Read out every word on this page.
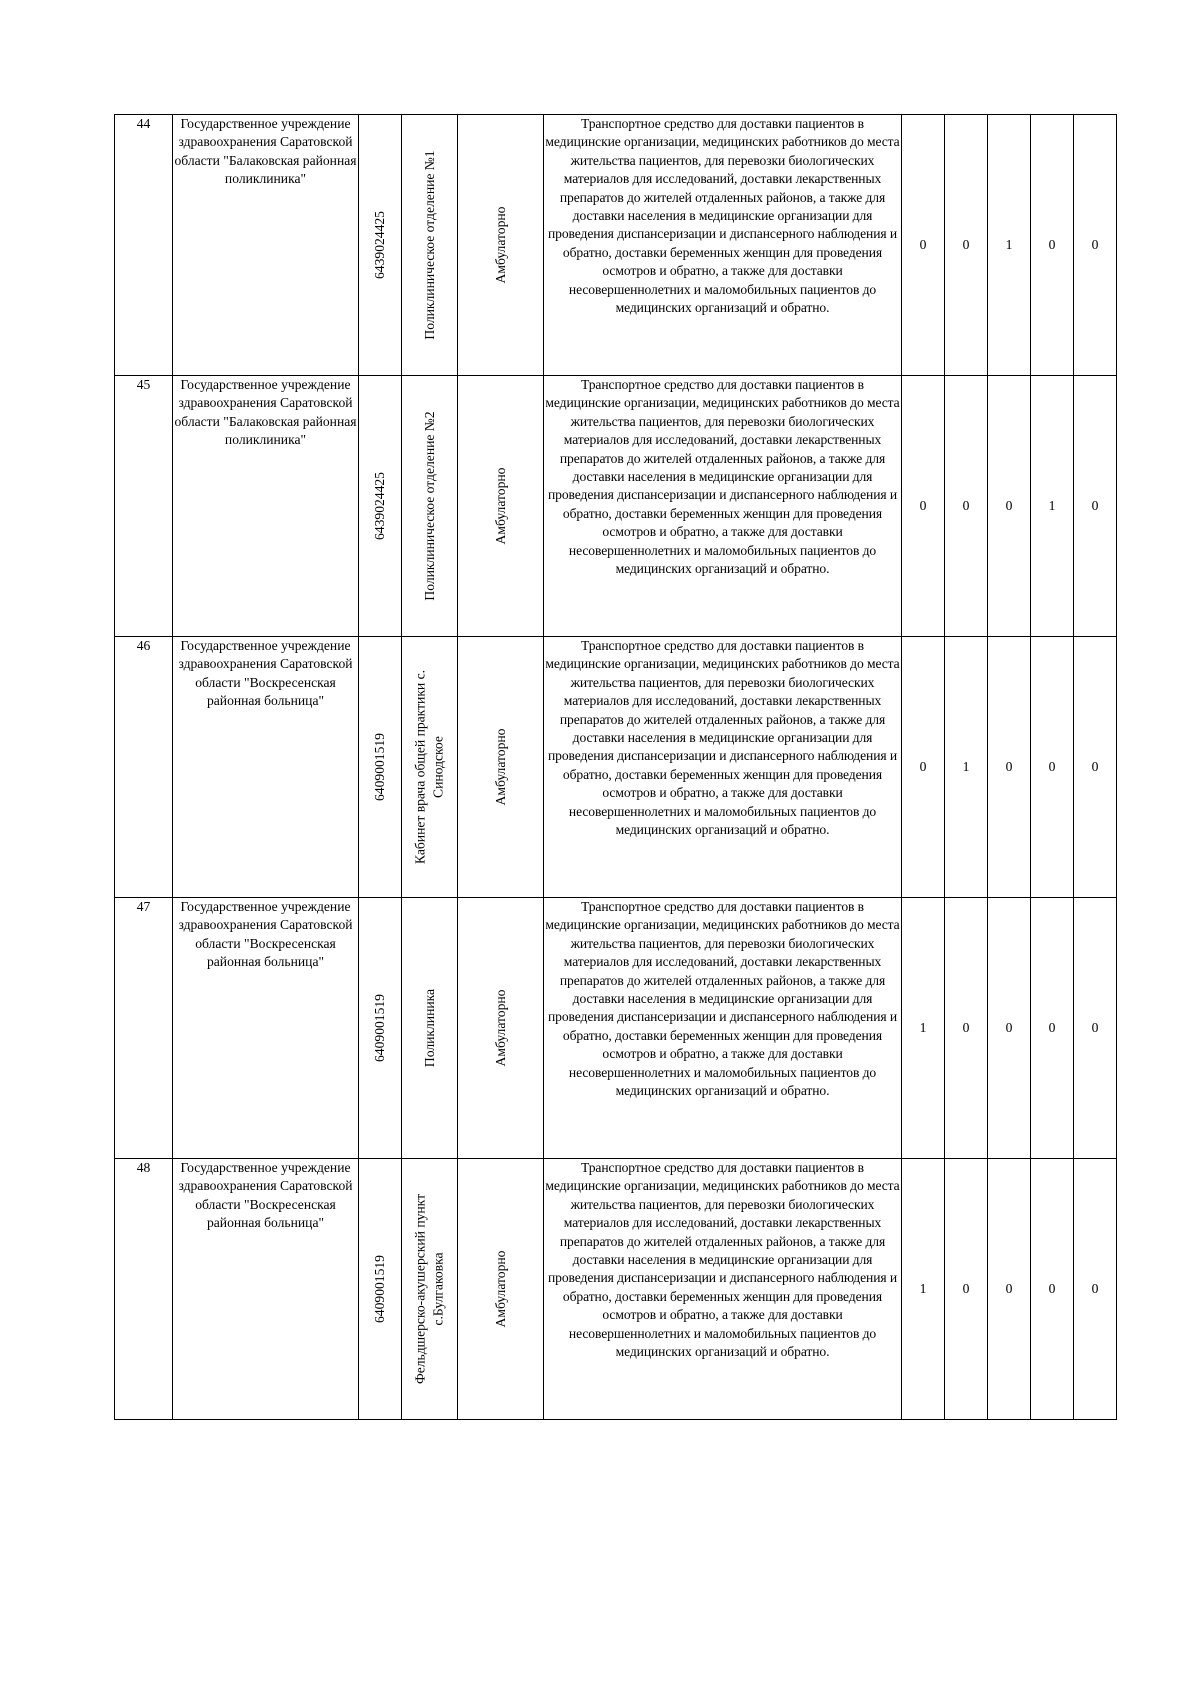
44	Государственное учреждение здравоохранения Саратовской области "Балаковская районная поликлиника"	6439024425	Поликлиническое отделение №1	Амбулаторно	Транспортное средство для доставки пациентов в медицинские организации, медицинских работников до места жительства пациентов, для перевозки биологических материалов для исследований, доставки лекарственных препаратов до жителей отдаленных районов, а также для доставки населения в медицинские организации для проведения диспансеризации и диспансерного наблюдения и обратно, доставки беременных женщин для проведения осмотров и обратно, а также для доставки несовершеннолетних и маломобильных пациентов до медицинских организаций и обратно.	0	0	1	0	0
45	Государственное учреждение здравоохранения Саратовской области "Балаковская районная поликлиника"	6439024425	Поликлиническое отделение №2	Амбулаторно	Транспортное средство для доставки пациентов в медицинские организации, медицинских работников до места жительства пациентов, для перевозки биологических материалов для исследований, доставки лекарственных препаратов до жителей отдаленных районов, а также для доставки населения в медицинские организации для проведения диспансеризации и диспансерного наблюдения и обратно, доставки беременных женщин для проведения осмотров и обратно, а также для доставки несовершеннолетних и маломобильных пациентов до медицинских организаций и обратно.	0	0	0	1	0
46	Государственное учреждение здравоохранения Саратовской области "Воскресенская районная больница"	6409001519	Кабинет врача общей практики с. Синодское	Амбулаторно	Транспортное средство для доставки пациентов в медицинские организации, медицинских работников до места жительства пациентов, для перевозки биологических материалов для исследований, доставки лекарственных препаратов до жителей отдаленных районов, а также для доставки населения в медицинские организации для проведения диспансеризации и диспансерного наблюдения и обратно, доставки беременных женщин для проведения осмотров и обратно, а также для доставки несовершеннолетних и маломобильных пациентов до медицинских организаций и обратно.	0	1	0	0	0
47	Государственное учреждение здравоохранения Саратовской области "Воскресенская районная больница"	6409001519	Поликлиника	Амбулаторно	Транспортное средство для доставки пациентов в медицинские организации, медицинских работников до места жительства пациентов, для перевозки биологических материалов для исследований, доставки лекарственных препаратов до жителей отдаленных районов, а также для доставки населения в медицинские организации для проведения диспансеризации и диспансерного наблюдения и обратно, доставки беременных женщин для проведения осмотров и обратно, а также для доставки несовершеннолетних и маломобильных пациентов до медицинских организаций и обратно.	1	0	0	0	0
48	Государственное учреждение здравоохранения Саратовской области "Воскресенская районная больница"	6409001519	Фельдшерско-акушерский пункт с.Булгаковка	Амбулаторно	Транспортное средство для доставки пациентов в медицинские организации, медицинских работников до места жительства пациентов, для перевозки биологических материалов для исследований, доставки лекарственных препаратов до жителей отдаленных районов, а также для доставки населения в медицинские организации для проведения диспансеризации и диспансерного наблюдения и обратно, доставки беременных женщин для проведения осмотров и обратно, а также для доставки несовершеннолетних и маломобильных пациентов до медицинских организаций и обратно.	1	0	0	0	0
